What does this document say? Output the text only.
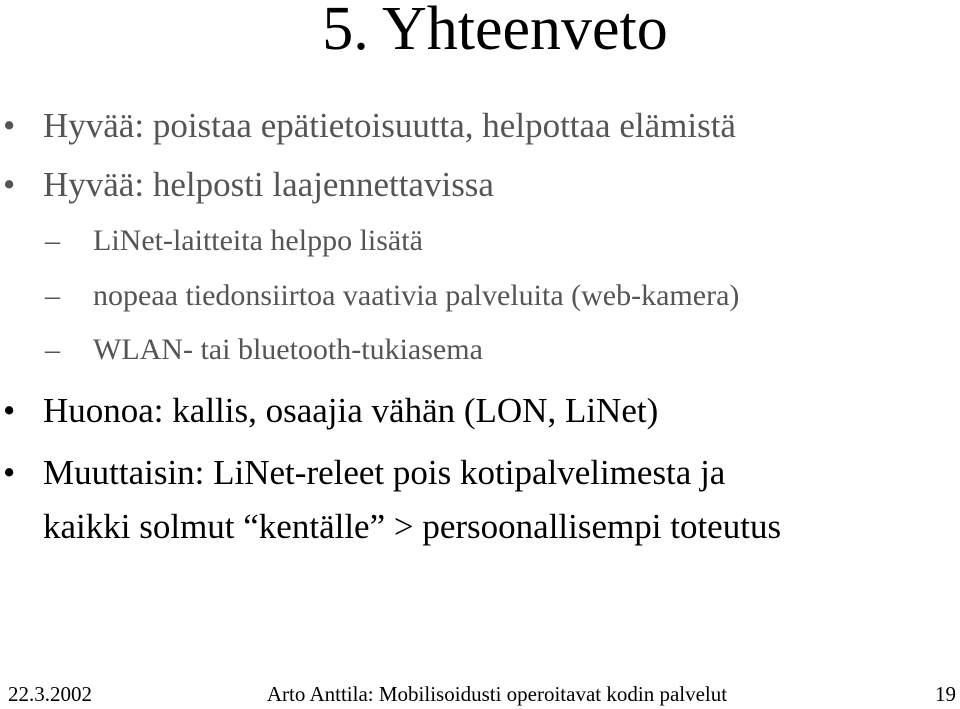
5. Yhteenveto
• Hyvää: poistaa epätietoisuutta, helpottaa elämistä
• Hyvää: helposti laajennettavissa
– LiNet-laitteita helppo lisätä
– nopeaa tiedonsiirtoa vaativia palveluita (web-kamera)
– WLAN- tai bluetooth-tukiasema
• Huonoa: kallis, osaajia vähän (LON, LiNet)
• Muuttaisin: LiNet-releet pois kotipalvelimesta ja
kaikki solmut “kentälle” > persoonallisempi toteutus
22.3.2002	Arto Anttila: Mobilisoidusti operoitavat kodin palvelut	19
